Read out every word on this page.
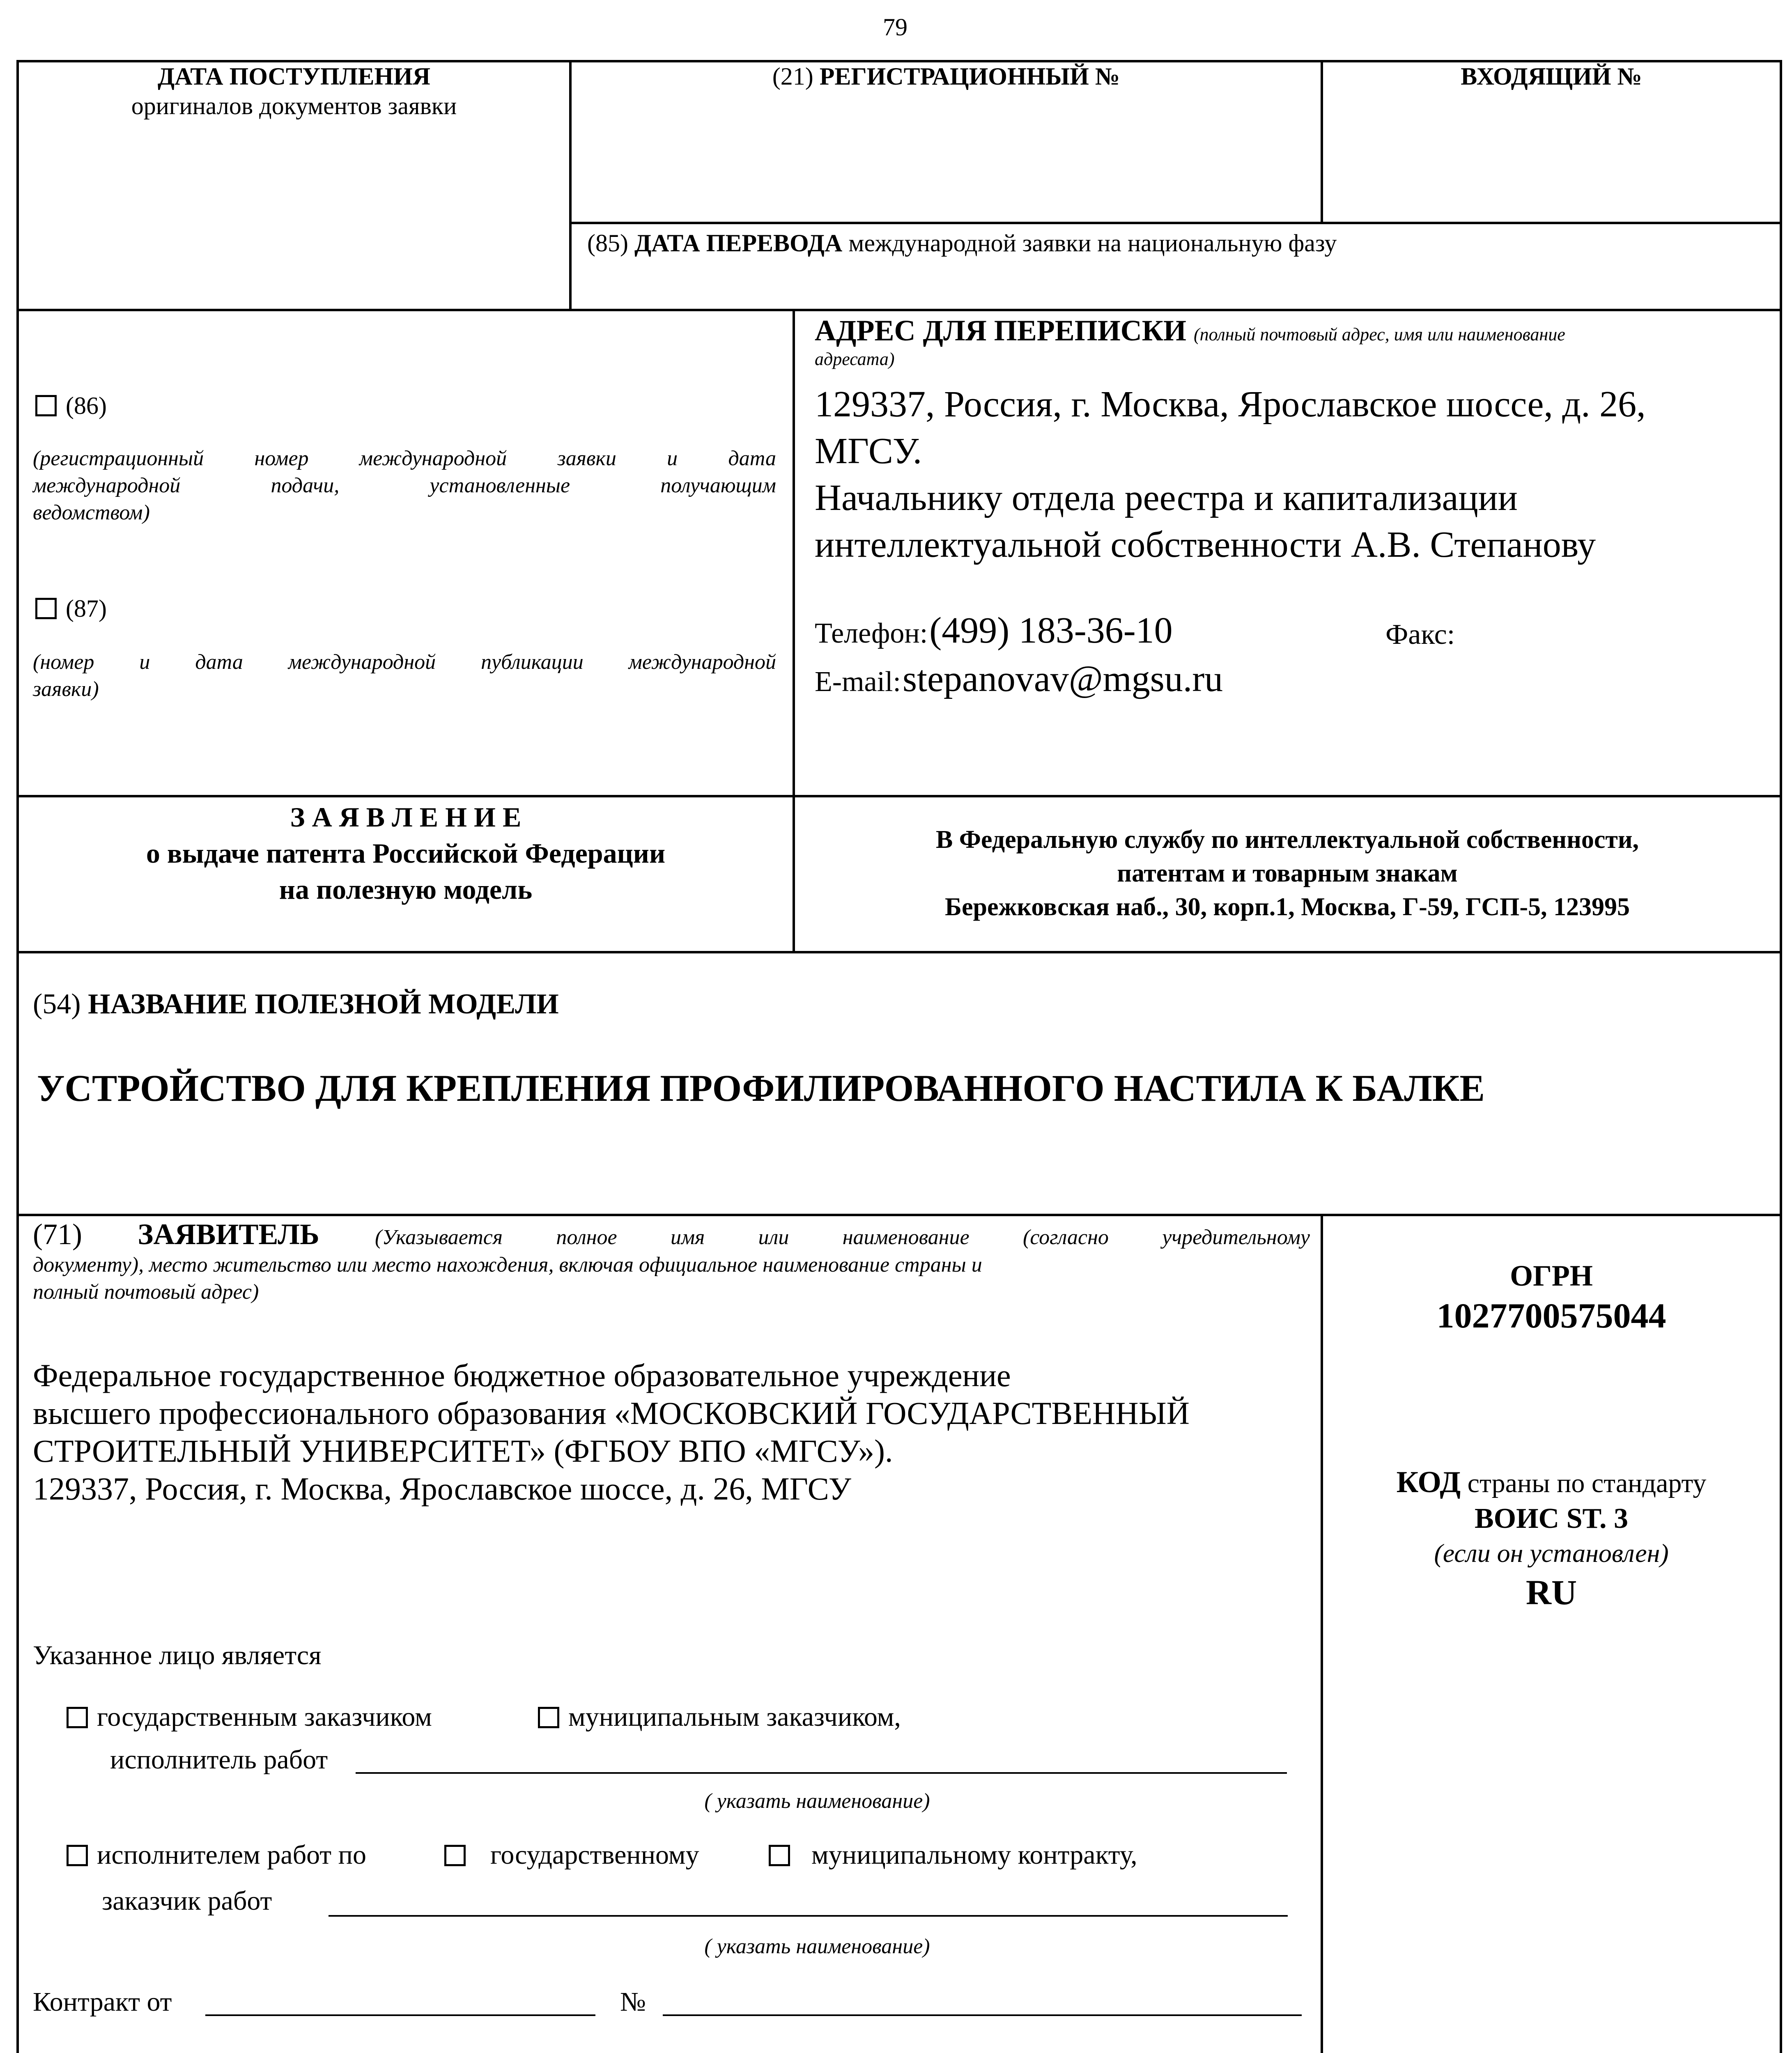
79
ДАТА ПОСТУПЛЕНИЯ
оригиналов документов заявки
(21) РЕГИСТРАЦИОННЫЙ №	ВХОДЯЩИЙ №
(85) ДАТА ПЕРЕВОДА международной заявки на национальную фазу
(86)
(регистрационный номер международной заявки и дата
международной подачи, установленные получающим
ведомством)
(87)
(номер и дата международной публикации международной
заявки)
АДРЕС ДЛЯ ПЕРЕПИСКИ (полный почтовый адрес, имя или наименование
адресата)
129337, Россия, г. Москва, Ярославское шоссе, д. 26,
МГСУ.
Начальнику отдела реестра и капитализации
интеллектуальной собственности А.В. Степанову
Телефон: (499) 183-36-10	Факс:
E-mail: stepanovav@mgsu.ru
З А Я В Л Е Н И Е
о выдаче патента Российской Федерации
на полезную модель
В Федеральную службу по интеллектуальной собственности,
патентам и товарным знакам
Бережковская наб., 30, корп.1, Москва, Г-59, ГСП-5, 123995
(54) НАЗВАНИЕ ПОЛЕЗНОЙ МОДЕЛИ
УСТРОЙСТВО ДЛЯ КРЕПЛЕНИЯ ПРОФИЛИРОВАННОГО НАСТИЛА К БАЛКЕ
(71) ЗАЯВИТЕЛЬ	(Указывается полное имя или наименование (согласно учредительному
документу), место жительство или место нахождения, включая официальное наименование страны и
полный почтовый адрес)
Федеральное государственное бюджетное образовательное учреждение
высшего профессионального образования «МОСКОВСКИЙ ГОСУДАРСТВЕННЫЙ
СТРОИТЕЛЬНЫЙ УНИВЕРСИТЕТ» (ФГБОУ ВПО «МГСУ»).
129337, Россия, г. Москва, Ярославское шоссе, д. 26, МГСУ
Указанное лицо является
государственным заказчиком	муниципальным заказчиком,
исполнитель работ
( указать наименование)
исполнителем работ по	государственному	муниципальному контракту,
заказчик работ
( указать наименование)
Контракт от	№
ОГРН
1027700575044
КОД страны по стандарту
ВОИС ST. 3
(если он установлен)
RU
